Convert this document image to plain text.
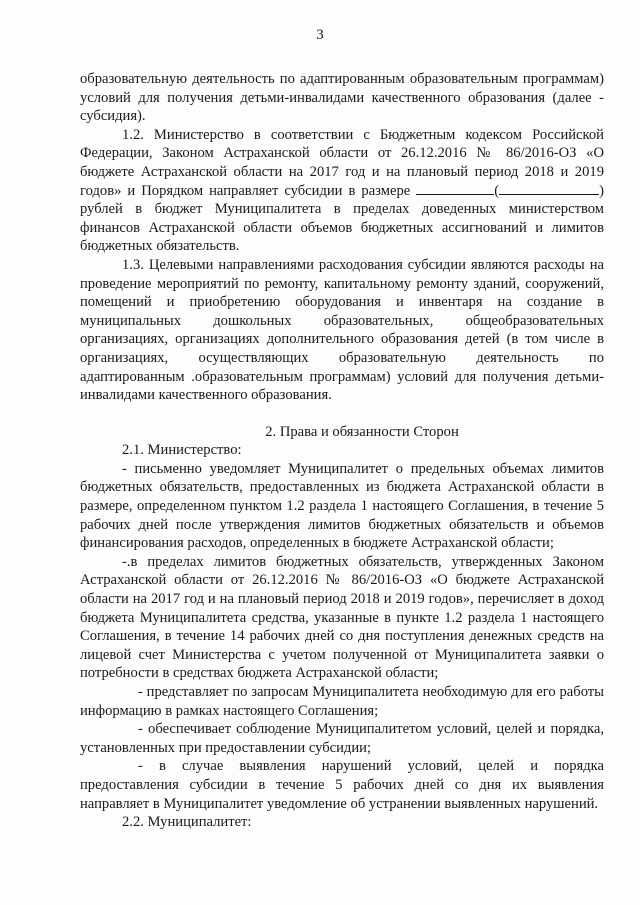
3

образовательную деятельность по адаптированным образовательным программам) условий для получения детьми-инвалидами качественного образования (далее - субсидия).

1.2. Министерство в соответствии с Бюджетным кодексом Российской Федерации, Законом Астраханской области от 26.12.2016 № 86/2016-ОЗ «О бюджете Астраханской области на 2017 год и на плановый период 2018 и 2019 годов» и Порядком направляет субсидии в размере	(	) рублей в бюджет Муниципалитета в пределах доведенных министерством финансов Астраханской области объемов бюджетных ассигнований и лимитов бюджетных обязательств.

1.3. Целевыми направлениями расходования субсидии являются расходы на проведение мероприятий по ремонту, капитальному ремонту зданий, сооружений, помещений и приобретению оборудования и инвентаря на создание в муниципальных дошкольных образовательных, общеобразовательных организациях, организациях дополнительного образования детей (в том числе в организациях, осуществляющих образовательную деятельность по адаптированным .образовательным программам) условий для получения детьми-инвалидами качественного образования.

2. Права и обязанности Сторон

2.1. Министерство:

- письменно уведомляет Муниципалитет о предельных объемах лимитов бюджетных обязательств, предоставленных из бюджета Астраханской области в размере, определенном пунктом 1.2 раздела 1 настоящего Соглашения, в течение 5 рабочих дней после утверждения лимитов бюджетных обязательств и объемов финансирования расходов, определенных в бюджете Астраханской области;

-.в пределах лимитов бюджетных обязательств, утвержденных Законом Астраханской области от 26.12.2016 № 86/2016-ОЗ «О бюджете Астраханской области на 2017 год и на плановый период 2018 и 2019 годов», перечисляет в доход бюджета Муниципалитета средства, указанные в пункте 1.2 раздела 1 настоящего Соглашения, в течение 14 рабочих дней со дня поступления денежных средств на лицевой счет Министерства с учетом полученной от Муниципалитета заявки о потребности в средствах бюджета Астраханской области;

- представляет по запросам Муниципалитета необходимую для его работы информацию в рамках настоящего Соглашения;

- обеспечивает соблюдение Муниципалитетом условий, целей и порядка, установленных при предоставлении субсидии;

- в случае выявления нарушений условий, целей и порядка предоставления субсидии в течение 5 рабочих дней со дня их выявления направляет в Муниципалитет уведомление об устранении выявленных нарушений.

2.2. Муниципалитет:
